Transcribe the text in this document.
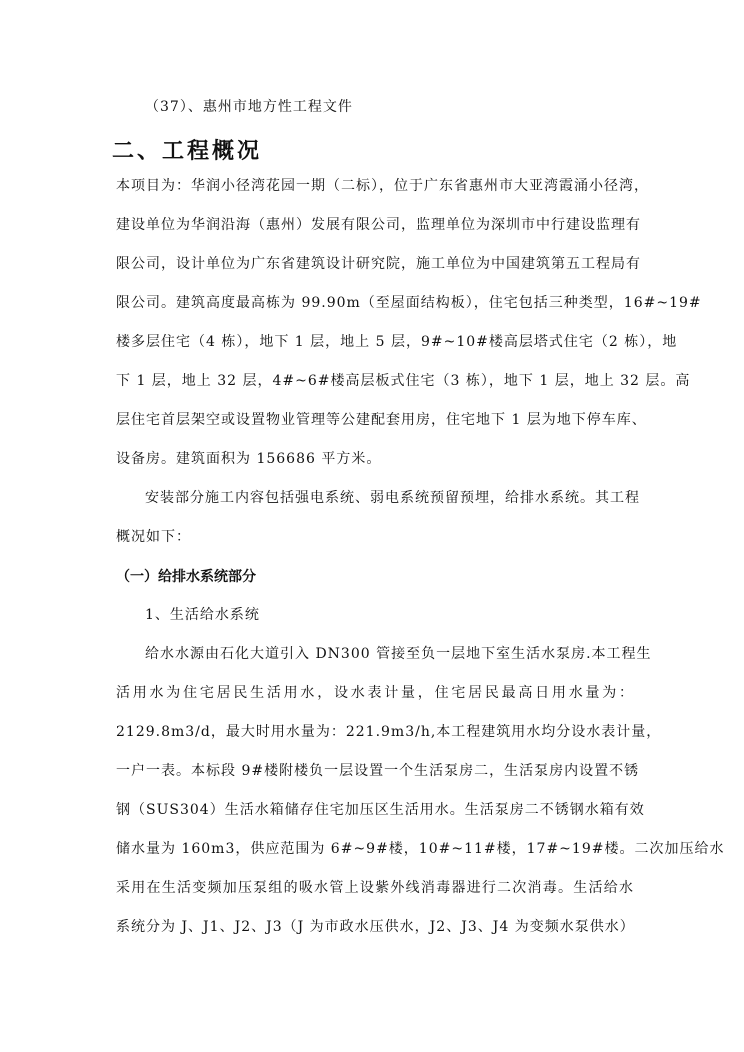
（37）、惠州市地方性工程文件
二、工程概况
本项目为：华润小径湾花园一期（二标），位于广东省惠州市大亚湾霞涌小径湾，
建设单位为华润沿海（惠州）发展有限公司，监理单位为深圳市中行建设监理有
限公司，设计单位为广东省建筑设计研究院，施工单位为中国建筑第五工程局有
限公司。建筑高度最高栋为 99.90m（至屋面结构板），住宅包括三种类型，16#~19#
楼多层住宅（4 栋），地下 1 层，地上 5 层，9#~10#楼高层塔式住宅（2 栋），地
下 1 层，地上 32 层，4#~6#楼高层板式住宅（3 栋），地下 1 层，地上 32 层。高
层住宅首层架空或设置物业管理等公建配套用房，住宅地下 1 层为地下停车库、
设备房。建筑面积为 156686 平方米。
安装部分施工内容包括强电系统、弱电系统预留预埋，给排水系统。其工程
概况如下：
（一）给排水系统部分
1、生活给水系统
给水水源由石化大道引入 DN300 管接至负一层地下室生活水泵房.本工程生
活用水为住宅居民生活用水，设水表计量，住宅居民最高日用水量为：
2129.8m3/d，最大时用水量为：221.9m3/h,本工程建筑用水均分设水表计量，
一户一表。本标段 9#楼附楼负一层设置一个生活泵房二，生活泵房内设置不锈
钢（SUS304）生活水箱储存住宅加压区生活用水。生活泵房二不锈钢水箱有效
储水量为 160m3，供应范围为 6#~9#楼，10#~11#楼，17#~19#楼。二次加压给水
采用在生活变频加压泵组的吸水管上设紫外线消毒器进行二次消毒。生活给水
系统分为 J、J1、J2、J3（J 为市政水压供水，J2、J3、J4 为变频水泵供水）
